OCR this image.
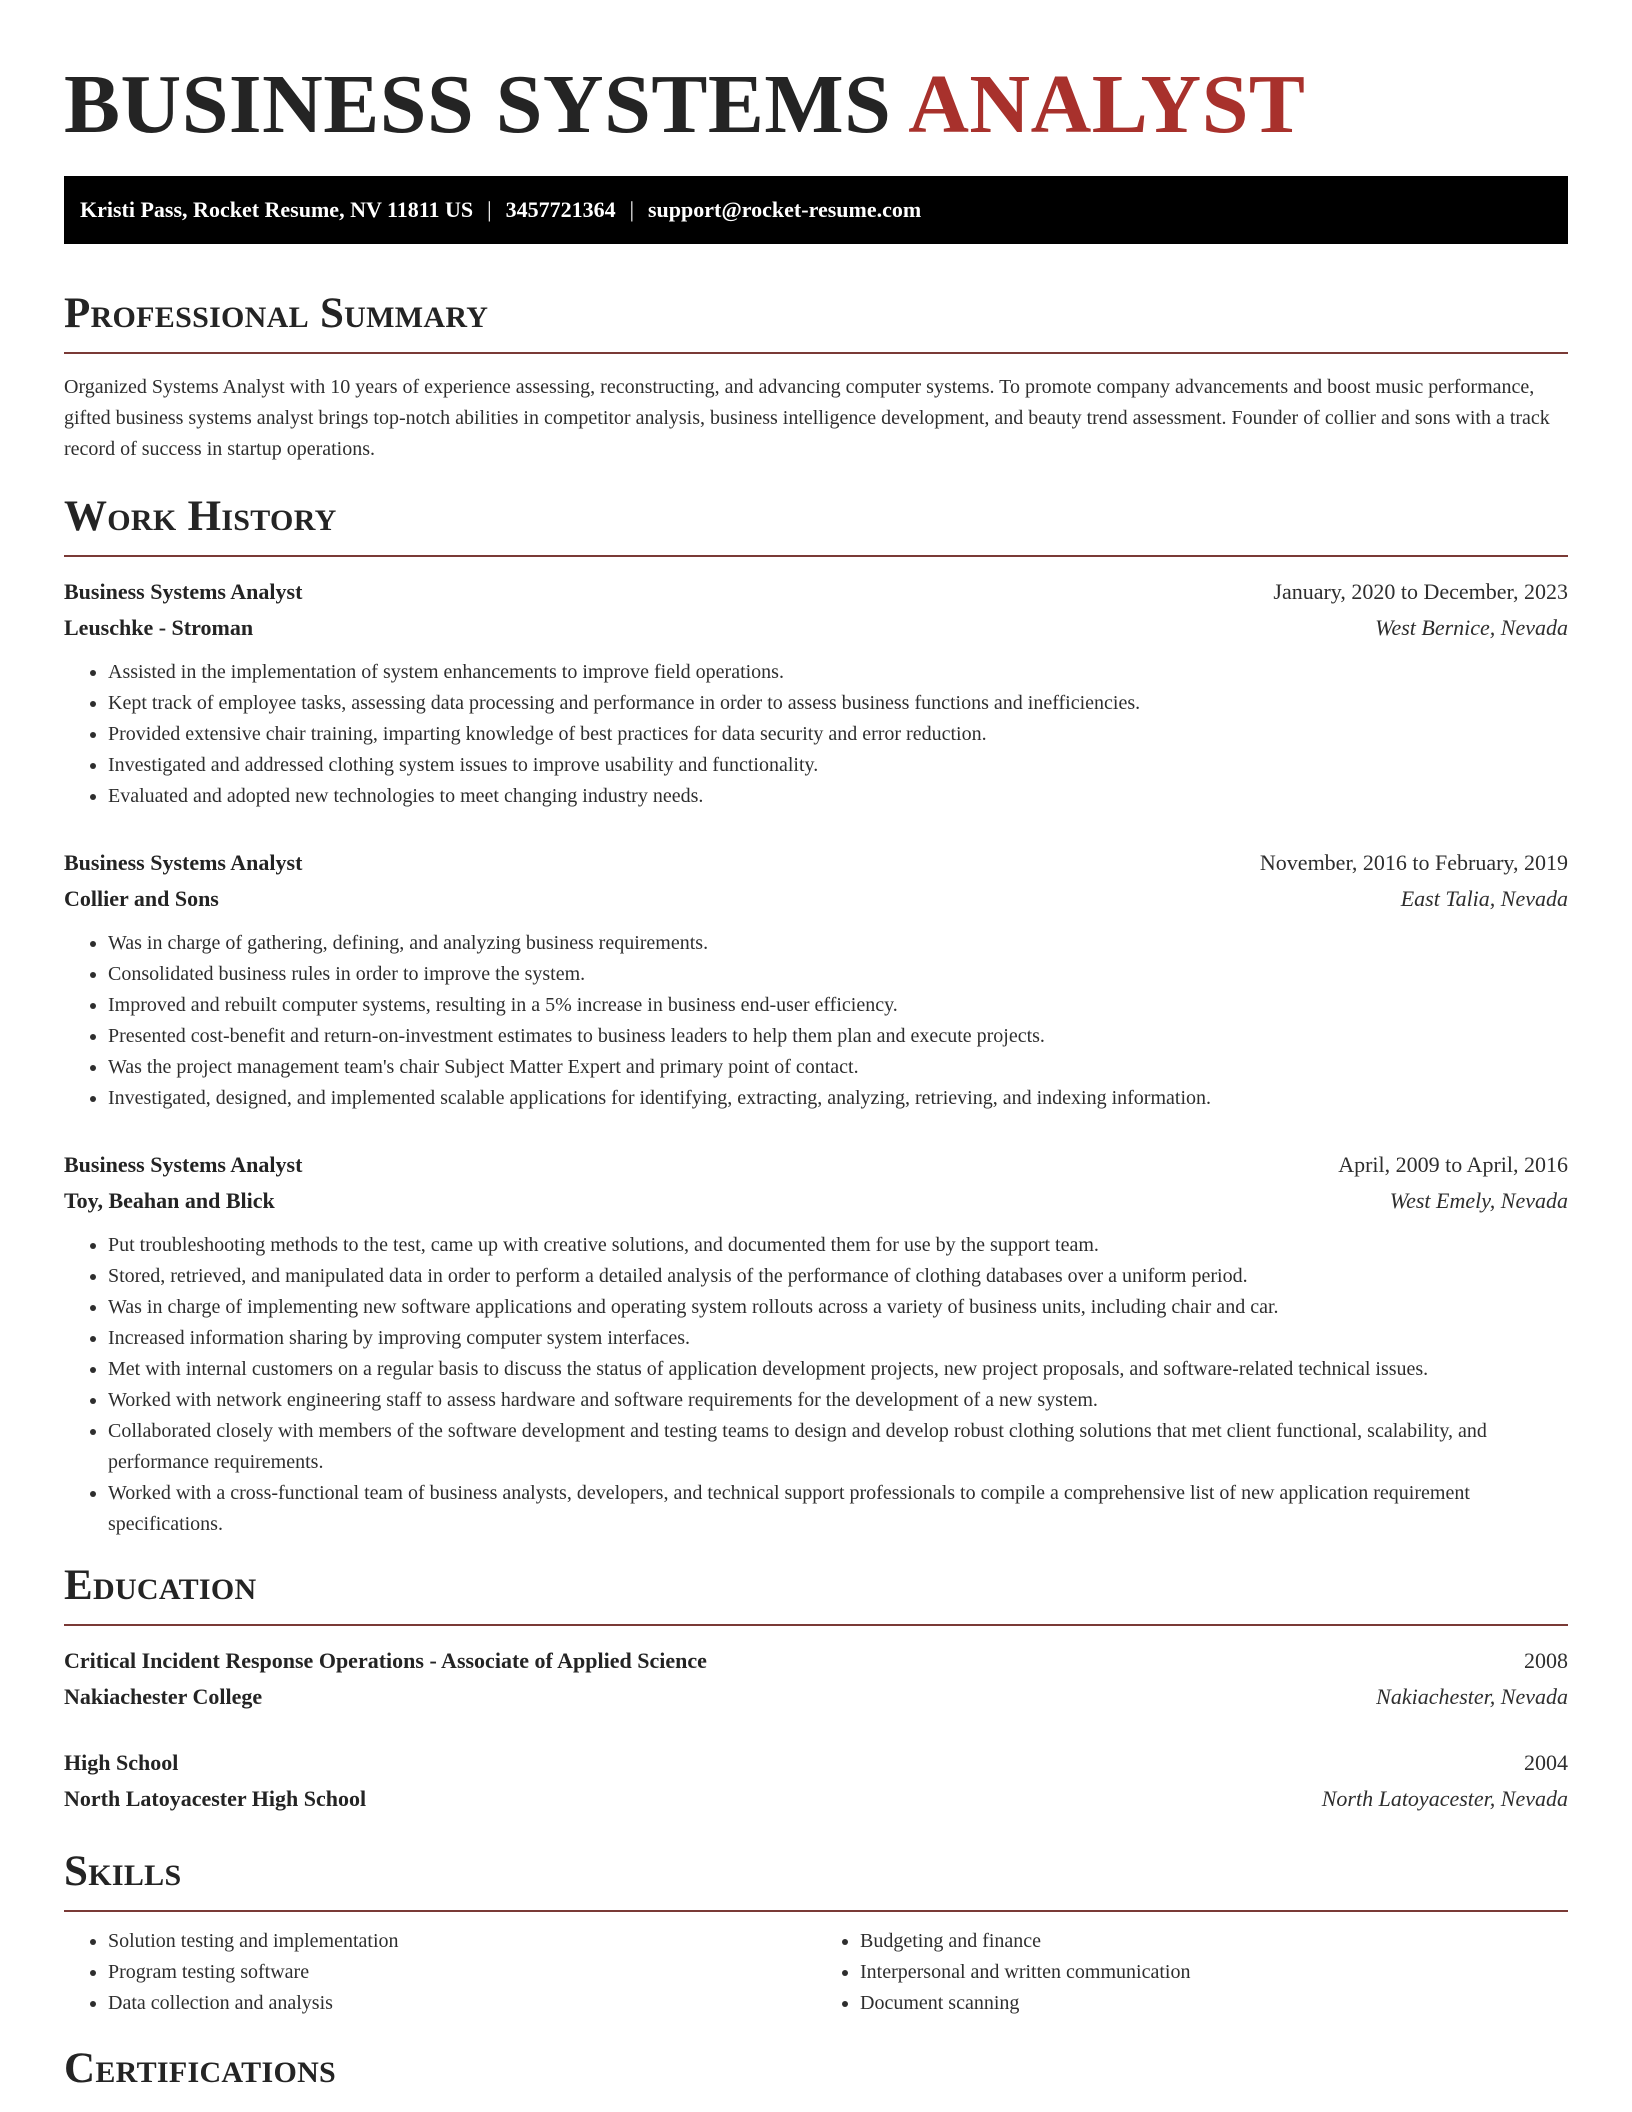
BUSINESS SYSTEMS ANALYST
Kristi Pass, Rocket Resume, NV 11811 US | 3457721364 | support@rocket-resume.com
Professional Summary

Organized Systems Analyst with 10 years of experience assessing, reconstructing, and advancing computer systems. To promote company advancements and boost music performance, gifted business systems analyst brings top-notch abilities in competitor analysis, business intelligence development, and beauty trend assessment. Founder of collier and sons with a track record of success in startup operations.

Work History
Business Systems Analyst	January, 2020 to December, 2023
Leuschke - Stroman	West Bernice, Nevada
• Assisted in the implementation of system enhancements to improve field operations.
• Kept track of employee tasks, assessing data processing and performance in order to assess business functions and inefficiencies.
• Provided extensive chair training, imparting knowledge of best practices for data security and error reduction.
• Investigated and addressed clothing system issues to improve usability and functionality.
• Evaluated and adopted new technologies to meet changing industry needs.
Business Systems Analyst	November, 2016 to February, 2019
Collier and Sons	East Talia, Nevada
• Was in charge of gathering, defining, and analyzing business requirements.
• Consolidated business rules in order to improve the system.
• Improved and rebuilt computer systems, resulting in a 5% increase in business end-user efficiency.
• Presented cost-benefit and return-on-investment estimates to business leaders to help them plan and execute projects.
• Was the project management team's chair Subject Matter Expert and primary point of contact.
• Investigated, designed, and implemented scalable applications for identifying, extracting, analyzing, retrieving, and indexing information.
Business Systems Analyst	April, 2009 to April, 2016
Toy, Beahan and Blick	West Emely, Nevada
• Put troubleshooting methods to the test, came up with creative solutions, and documented them for use by the support team.
• Stored, retrieved, and manipulated data in order to perform a detailed analysis of the performance of clothing databases over a uniform period.
• Was in charge of implementing new software applications and operating system rollouts across a variety of business units, including chair and car.
• Increased information sharing by improving computer system interfaces.
• Met with internal customers on a regular basis to discuss the status of application development projects, new project proposals, and software-related technical issues.
• Worked with network engineering staff to assess hardware and software requirements for the development of a new system.
• Collaborated closely with members of the software development and testing teams to design and develop robust clothing solutions that met client functional, scalability, and performance requirements.
• Worked with a cross-functional team of business analysts, developers, and technical support professionals to compile a comprehensive list of new application requirement specifications.
Education
Critical Incident Response Operations - Associate of Applied Science	2008
Nakiachester College	Nakiachester, Nevada
High School	2004
North Latoyacester High School	North Latoyacester, Nevada
Skills
• Solution testing and implementation
• Program testing software
• Data collection and analysis
• Budgeting and finance
• Interpersonal and written communication
• Document scanning
Certifications
